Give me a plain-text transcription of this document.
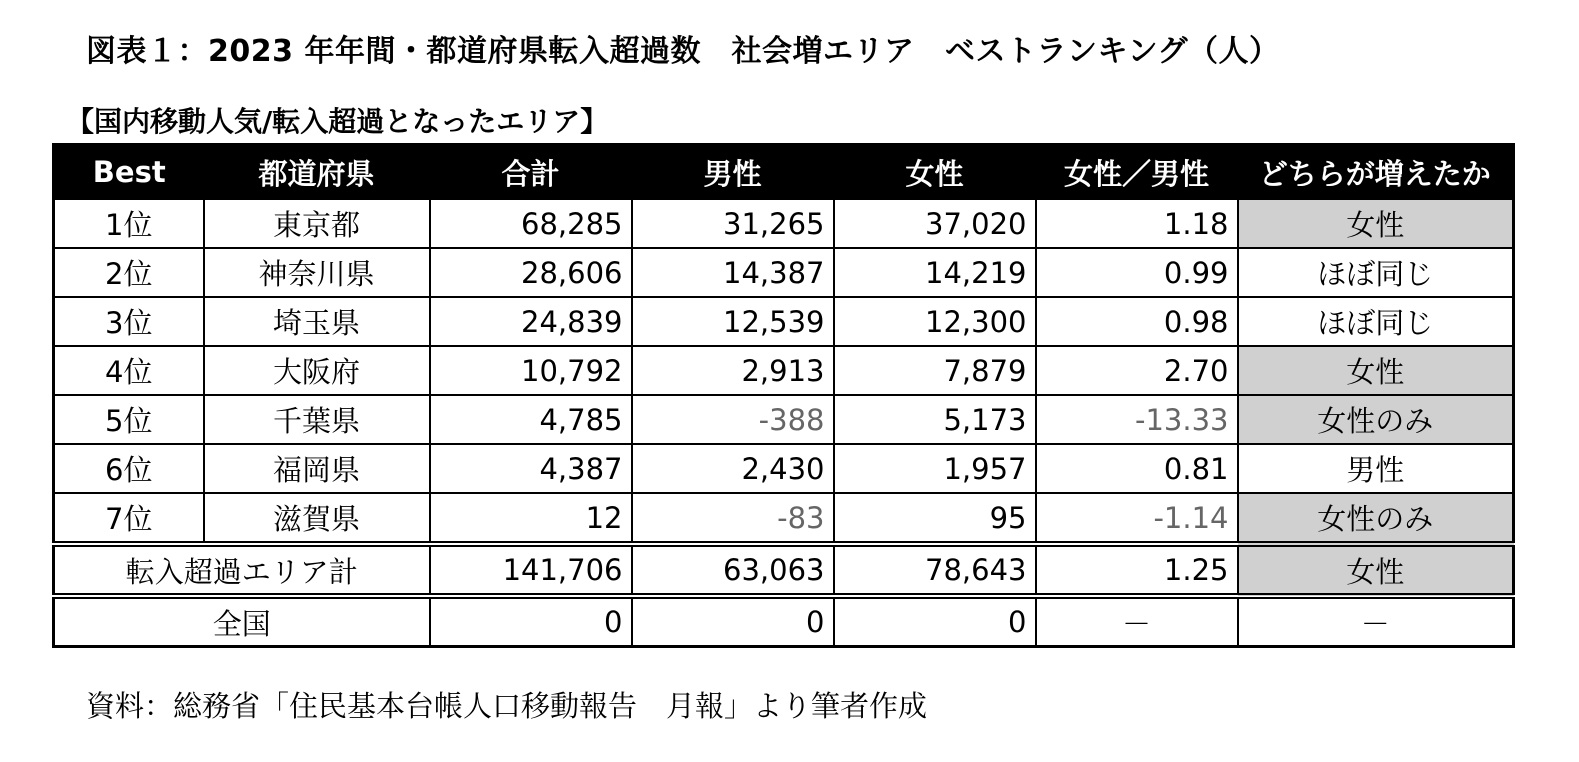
図表１：2023 年年間・都道府県転入超過数　社会増エリア　ベストランキング（人）
【国内移動人気/転入超過となったエリア】
Best	都道府県	合計	男性	女性	女性／男性	どちらが増えたか
1位	東京都	68,285	31,265	37,020	1.18	女性
2位	神奈川県	28,606	14,387	14,219	0.99	ほぼ同じ
3位	埼玉県	24,839	12,539	12,300	0.98	ほぼ同じ
4位	大阪府	10,792	2,913	7,879	2.70	女性
5位	千葉県	4,785	-388	5,173	-13.33	女性のみ
6位	福岡県	4,387	2,430	1,957	0.81	男性
7位	滋賀県	12	-83	95	-1.14	女性のみ
転入超過エリア計		141,706	63,063	78,643	1.25	女性
全国		0	0	0	－	－
資料：総務省「住民基本台帳人口移動報告　月報」より筆者作成
